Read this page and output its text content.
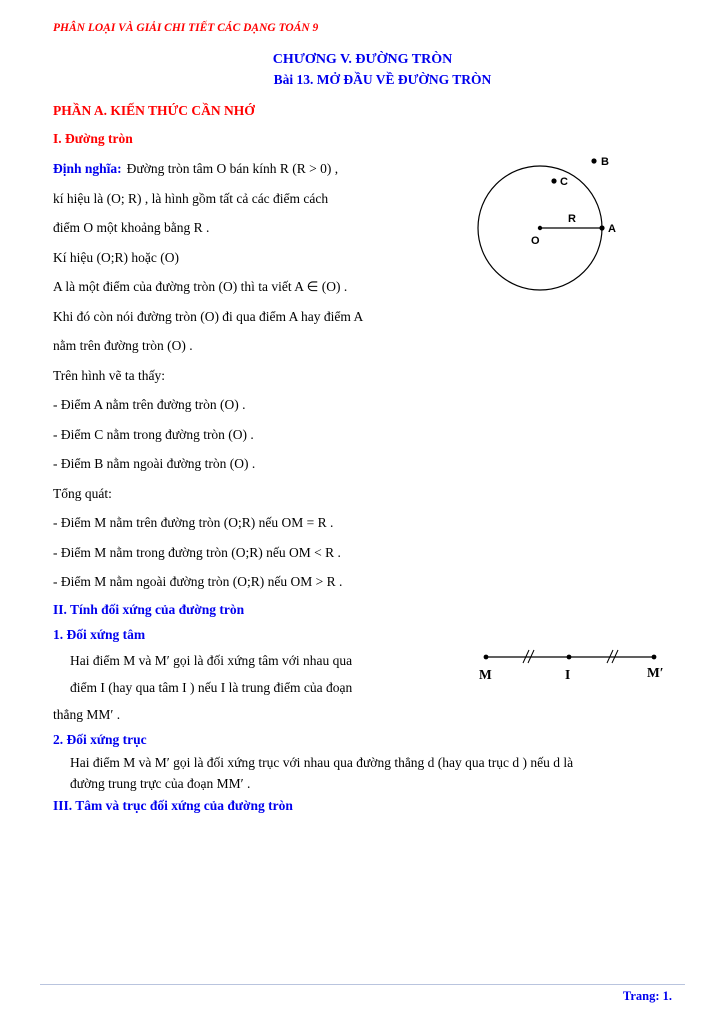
PHÂN LOẠI VÀ GIẢI CHI TIẾT CÁC DẠNG TOÁN 9
CHƯƠNG V. ĐƯỜNG TRÒN
Bài 13. MỞ ĐẦU VỀ ĐƯỜNG TRÒN
PHẦN A. KIẾN THỨC CẦN NHỚ
I. Đường tròn
Định nghĩa: Đường tròn tâm O bán kính R (R > 0) ,
kí hiệu là (O; R) , là hình gồm tất cả các điểm cách
điểm O một khoảng bằng R .
Kí hiệu (O;R) hoặc (O)
A là một điểm của đường tròn (O) thì ta viết A ∈ (O) .
Khi đó còn nói đường tròn (O) đi qua điểm A hay điểm A
nằm trên đường tròn (O) .
Trên hình vẽ ta thấy:
- Điểm A nằm trên đường tròn (O) .
- Điểm C nằm trong đường tròn (O) .
- Điểm B nằm ngoài đường tròn (O) .
Tổng quát:
- Điểm M nằm trên đường tròn (O;R) nếu OM = R .
- Điểm M nằm trong đường tròn (O;R) nếu OM < R .
- Điểm M nằm ngoài đường tròn (O;R) nếu OM > R .
II. Tính đối xứng của đường tròn
1. Đối xứng tâm
Hai điểm M và M′ gọi là đối xứng tâm với nhau qua
điểm I (hay qua tâm I ) nếu I là trung điểm của đoạn
thẳng MM′ .
2. Đối xứng trục
Hai điểm M và M′ gọi là đối xứng trục với nhau qua đường thẳng d (hay qua trục d ) nếu d là
đường trung trực của đoạn MM′ .
III. Tâm và trục đối xứng của đường tròn
O
A
B
C
R
M	I	M′
Trang: 1.
